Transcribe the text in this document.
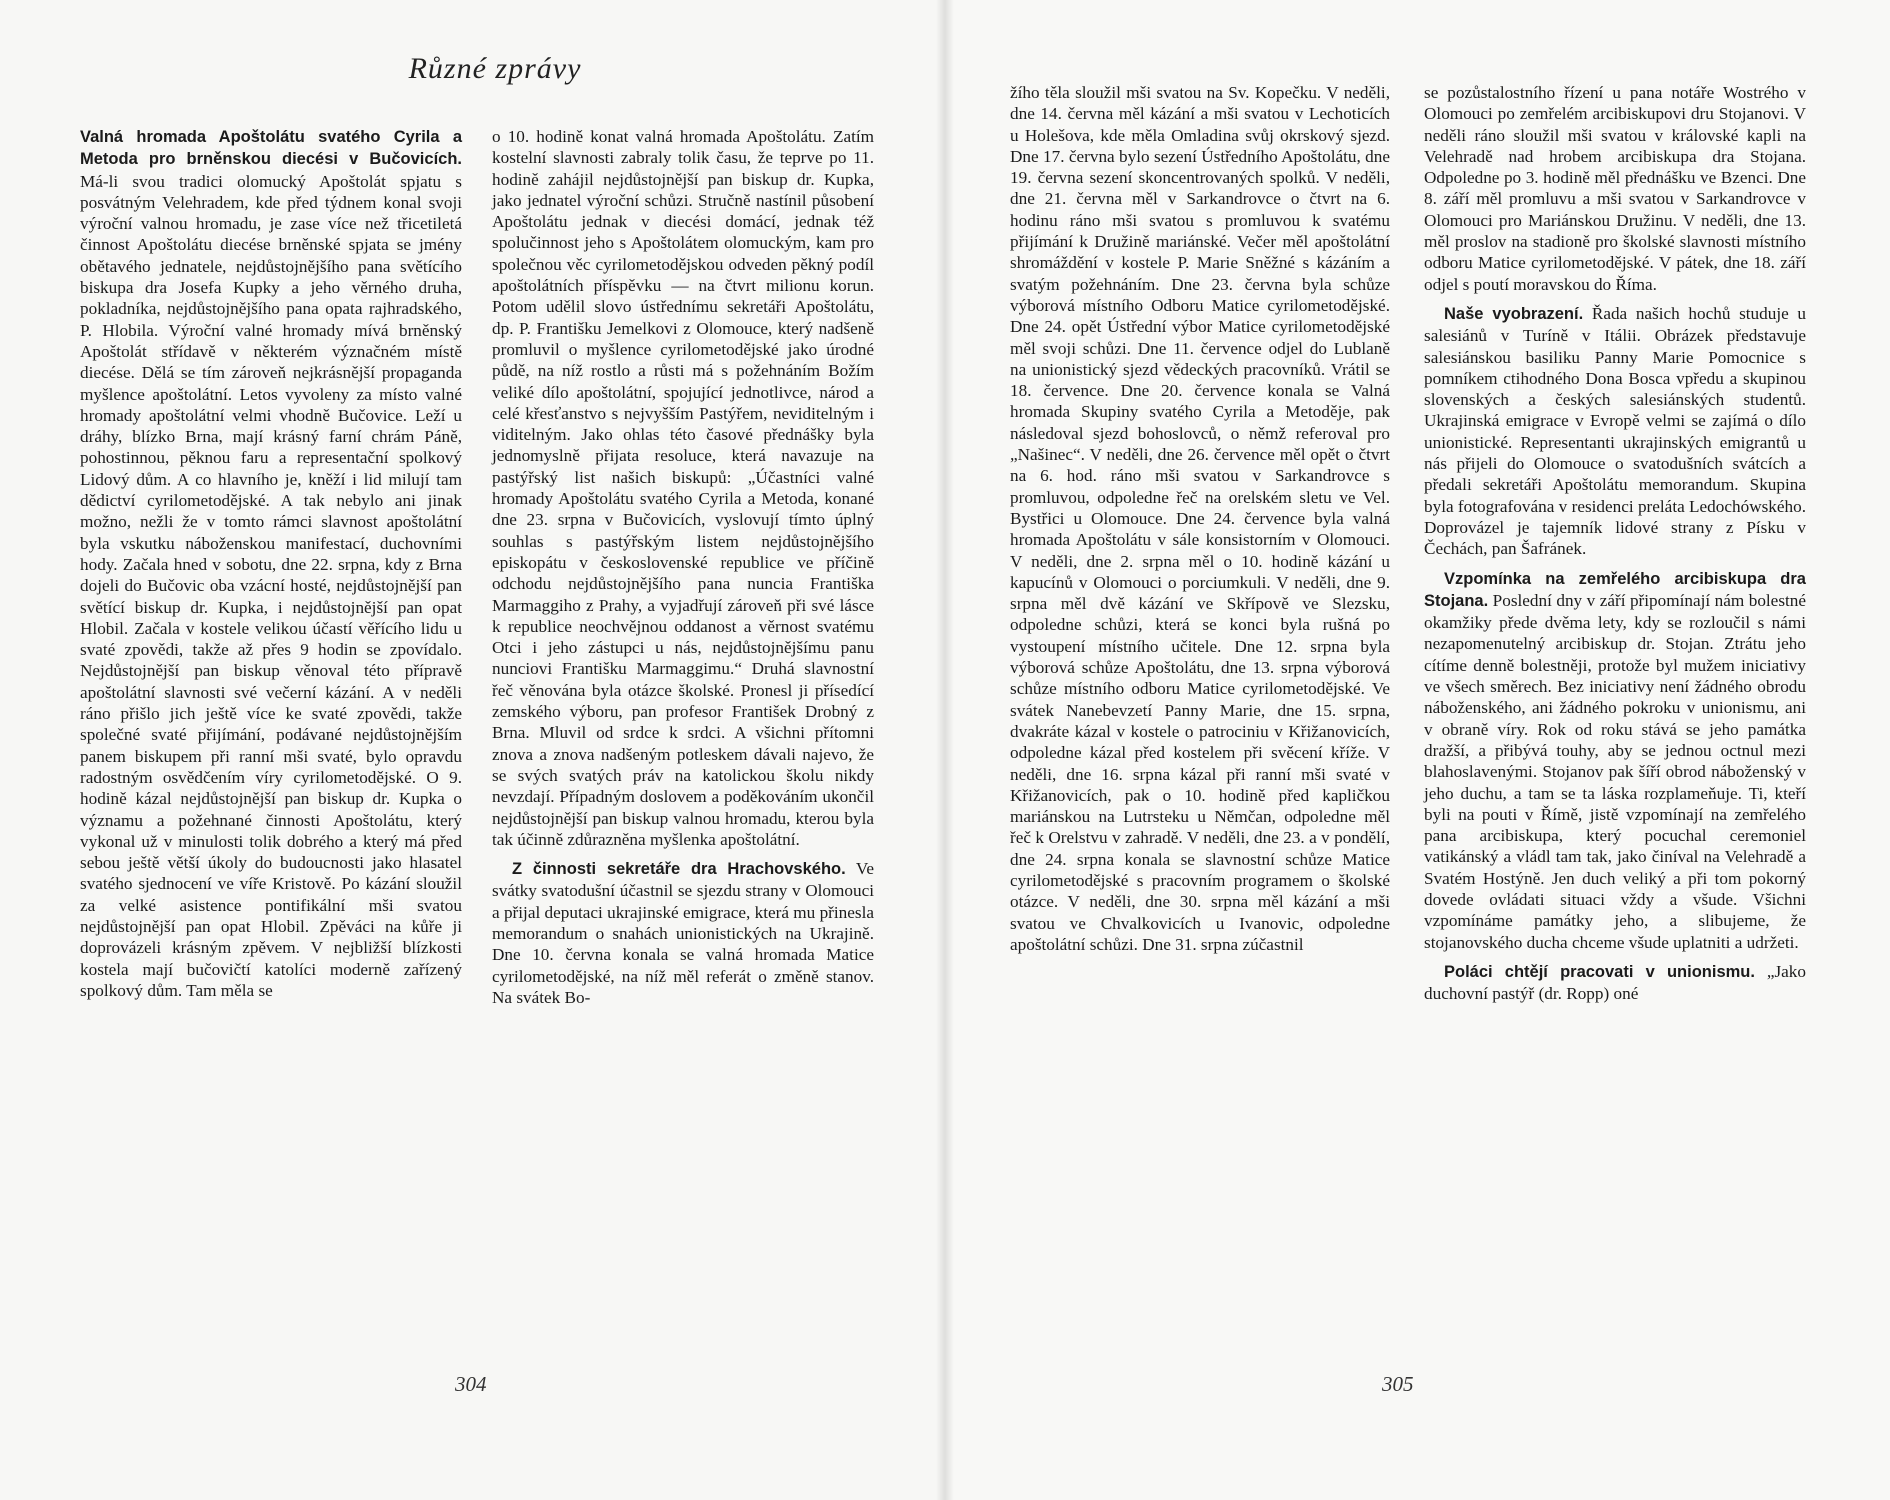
Různé zprávy

Valná hromada Apoštolátu svatého Cyrila a Metoda pro brněnskou diecési v Bučovicích. Má-li svou tradici olomucký Apoštolát spjatu s posvátným Velehradem, kde před týdnem konal svoji výroční valnou hromadu, je zase více než třicetiletá činnost Apoštolátu diecése brněnské spjata se jmény obětavého jednatele, nejdůstojnějšího pana světícího biskupa dra Josefa Kupky a jeho věrného druha, pokladníka, nejdůstojnějšího pana opata rajhradského, P. Hlobila. Výroční valné hromady mívá brněnský Apoštolát střídavě v některém význačném místě diecése. Dělá se tím zároveň nejkrásnější propaganda myšlence apoštolátní. Letos vyvoleny za místo valné hromady apoštolátní velmi vhodně Bučovice. Leží u dráhy, blízko Brna, mají krásný farní chrám Páně, pohostinnou, pěknou faru a representační spolkový Lidový dům. A co hlavního je, kněží i lid milují tam dědictví cyrilometodějské. A tak nebylo ani jinak možno, nežli že v tomto rámci slavnost apoštolátní byla vskutku náboženskou manifestací, duchovními hody. Začala hned v sobotu, dne 22. srpna, kdy z Brna dojeli do Bučovic oba vzácní hosté, nejdůstojnější pan světící biskup dr. Kupka, i nejdůstojnější pan opat Hlobil. Začala v kostele velikou účastí věřícího lidu u svaté zpovědi, takže až přes 9 hodin se zpovídalo. Nejdůstojnější pan biskup věnoval této přípravě apoštolátní slavnosti své večerní kázání. A v neděli ráno přišlo jich ještě více ke svaté zpovědi, takže společné svaté přijímání, podávané nejdůstojnějším panem biskupem při ranní mši svaté, bylo opravdu radostným osvědčením víry cyrilometodějské. O 9. hodině kázal nejdůstojnější pan biskup dr. Kupka o významu a požehnané činnosti Apoštolátu, který vykonal už v minulosti tolik dobrého a který má před sebou ještě větší úkoly do budoucnosti jako hlasatel svatého sjednocení ve víře Kristově. Po kázání sloužil za velké asistence pontifikální mši svatou nejdůstojnější pan opat Hlobil. Zpěváci na kůře ji doprovázeli krásným zpěvem. V nejbližší blízkosti kostela mají bučovičtí katolíci moderně zařízený spolkový dům. Tam měla se

o 10. hodině konat valná hromada Apoštolátu. Zatím kostelní slavnosti zabraly tolik času, že teprve po 11. hodině zahájil nejdůstojnější pan biskup dr. Kupka, jako jednatel výroční schůzi. Stručně nastínil působení Apoštolátu jednak v diecési domácí, jednak též spolučinnost jeho s Apoštolátem olomuckým, kam pro společnou věc cyrilometodějskou odveden pěkný podíl apoštolátních příspěvku — na čtvrt milionu korun. Potom udělil slovo ústřednímu sekretáři Apoštolátu, dp. P. Františku Jemelkovi z Olomouce, který nadšeně promluvil o myšlence cyrilometodějské jako úrodné půdě, na níž rostlo a růsti má s požehnáním Božím veliké dílo apoštolátní, spojující jednotlivce, národ a celé křesťanstvo s nejvyšším Pastýřem, neviditelným i viditelným. Jako ohlas této časové přednášky byla jednomyslně přijata resoluce, která navazuje na pastýřský list našich biskupů: „Účastníci valné hromady Apoštolátu svatého Cyrila a Metoda, konané dne 23. srpna v Bučovicích, vyslovují tímto úplný souhlas s pastýřským listem nejdůstojnějšího episkopátu v československé republice ve příčině odchodu nejdůstojnějšího pana nuncia Františka Marmaggiho z Prahy, a vyjadřují zároveň při své lásce k republice neochvějnou oddanost a věrnost svatému Otci i jeho zástupci u nás, nejdůstojnějšímu panu nunciovi Františku Marmaggimu.“ Druhá slavnostní řeč věnována byla otázce školské. Pronesl ji přísedící zemského výboru, pan profesor František Drobný z Brna. Mluvil od srdce k srdci. A všichni přítomni znova a znova nadšeným potleskem dávali najevo, že se svých svatých práv na katolickou školu nikdy nevzdají. Případným doslovem a poděkováním ukončil nejdůstojnější pan biskup valnou hromadu, kterou byla tak účinně zdůrazněna myšlenka apoštolátní.

Z činnosti sekretáře dra Hrachovského. Ve svátky svatodušní účastnil se sjezdu strany v Olomouci a přijal deputaci ukrajinské emigrace, která mu přinesla memorandum o snahách unionistických na Ukrajině. Dne 10. června konala se valná hromada Matice cyrilometodějské, na níž měl referát o změně stanov. Na svátek Bo-

304

žího těla sloužil mši svatou na Sv. Kopečku. V neděli, dne 14. června měl kázání a mši svatou v Lechoticích u Holešova, kde měla Omladina svůj okrskový sjezd. Dne 17. června bylo sezení Ústředního Apoštolátu, dne 19. června sezení skoncentrovaných spolků. V neděli, dne 21. června měl v Sarkandrovce o čtvrt na 6. hodinu ráno mši svatou s promluvou k svatému přijímání k Družině mariánské. Večer měl apoštolátní shromáždění v kostele P. Marie Sněžné s kázáním a svatým požehnáním. Dne 23. června byla schůze výborová místního Odboru Matice cyrilometodějské. Dne 24. opět Ústřední výbor Matice cyrilometodějské měl svoji schůzi. Dne 11. července odjel do Lublaně na unionistický sjezd vědeckých pracovníků. Vrátil se 18. července. Dne 20. července konala se Valná hromada Skupiny svatého Cyrila a Metoděje, pak následoval sjezd bohoslovců, o němž referoval pro „Našinec“. V neděli, dne 26. července měl opět o čtvrt na 6. hod. ráno mši svatou v Sarkandrovce s promluvou, odpoledne řeč na orelském sletu ve Vel. Bystřici u Olomouce. Dne 24. července byla valná hromada Apoštolátu v sále konsistorním v Olomouci. V neděli, dne 2. srpna měl o 10. hodině kázání u kapucínů v Olomouci o porciumkuli. V neděli, dne 9. srpna měl dvě kázání ve Skřípově ve Slezsku, odpoledne schůzi, která se konci byla rušná po vystoupení místního učitele. Dne 12. srpna byla výborová schůze Apoštolátu, dne 13. srpna výborová schůze místního odboru Matice cyrilometodějské. Ve svátek Nanebevzetí Panny Marie, dne 15. srpna, dvakráte kázal v kostele o patrociniu v Křižanovicích, odpoledne kázal před kostelem při svěcení kříže. V neděli, dne 16. srpna kázal při ranní mši svaté v Křižanovicích, pak o 10. hodině před kapličkou mariánskou na Lutrsteku u Němčan, odpoledne měl řeč k Orelstvu v zahradě. V neděli, dne 23. a v pondělí, dne 24. srpna konala se slavnostní schůze Matice cyrilometodějské s pracovním programem o školské otázce. V neděli, dne 30. srpna měl kázání a mši svatou ve Chvalkovicích u Ivanovic, odpoledne apoštolátní schůzi. Dne 31. srpna zúčastnil

se pozůstalostního řízení u pana notáře Wostrého v Olomouci po zemřelém arcibiskupovi dru Stojanovi. V neděli ráno sloužil mši svatou v královské kapli na Velehradě nad hrobem arcibiskupa dra Stojana. Odpoledne po 3. hodině měl přednášku ve Bzenci. Dne 8. září měl promluvu a mši svatou v Sarkandrovce v Olomouci pro Mariánskou Družinu. V neděli, dne 13. měl proslov na stadioně pro školské slavnosti místního odboru Matice cyrilometodějské. V pátek, dne 18. září odjel s poutí moravskou do Říma.

Naše vyobrazení. Řada našich hochů studuje u salesiánů v Turíně v Itálii. Obrázek představuje salesiánskou basiliku Panny Marie Pomocnice s pomníkem ctihodného Dona Bosca vpředu a skupinou slovenských a českých salesiánských studentů. Ukrajinská emigrace v Evropě velmi se zajímá o dílo unionistické. Representanti ukrajinských emigrantů u nás přijeli do Olomouce o svatodušních svátcích a předali sekretáři Apoštolátu memorandum. Skupina byla fotografována v residenci preláta Ledochówského. Doprovázel je tajemník lidové strany z Písku v Čechách, pan Šafránek.

Vzpomínka na zemřelého arcibiskupa dra Stojana. Poslední dny v září připomínají nám bolestné okamžiky přede dvěma lety, kdy se rozloučil s námi nezapomenutelný arcibiskup dr. Stojan. Ztrátu jeho cítíme denně bolestněji, protože byl mužem iniciativy ve všech směrech. Bez iniciativy není žádného obrodu náboženského, ani žádného pokroku v unionismu, ani v obraně víry. Rok od roku stává se jeho památka dražší, a přibývá touhy, aby se jednou octnul mezi blahoslavenými. Stojanov pak šíří obrod náboženský v jeho duchu, a tam se ta láska rozplameňuje. Ti, kteří byli na pouti v Římě, jistě vzpomínají na zemřelého pana arcibiskupa, který pocuchal ceremoniel vatikánský a vládl tam tak, jako činíval na Velehradě a Svatém Hostýně. Jen duch veliký a při tom pokorný dovede ovládati situaci vždy a všude. Všichni vzpomínáme památky jeho, a slibujeme, že stojanovského ducha chceme všude uplatniti a udržeti.

Poláci chtějí pracovati v unionismu. „Jako duchovní pastýř (dr. Ropp) oné

305
